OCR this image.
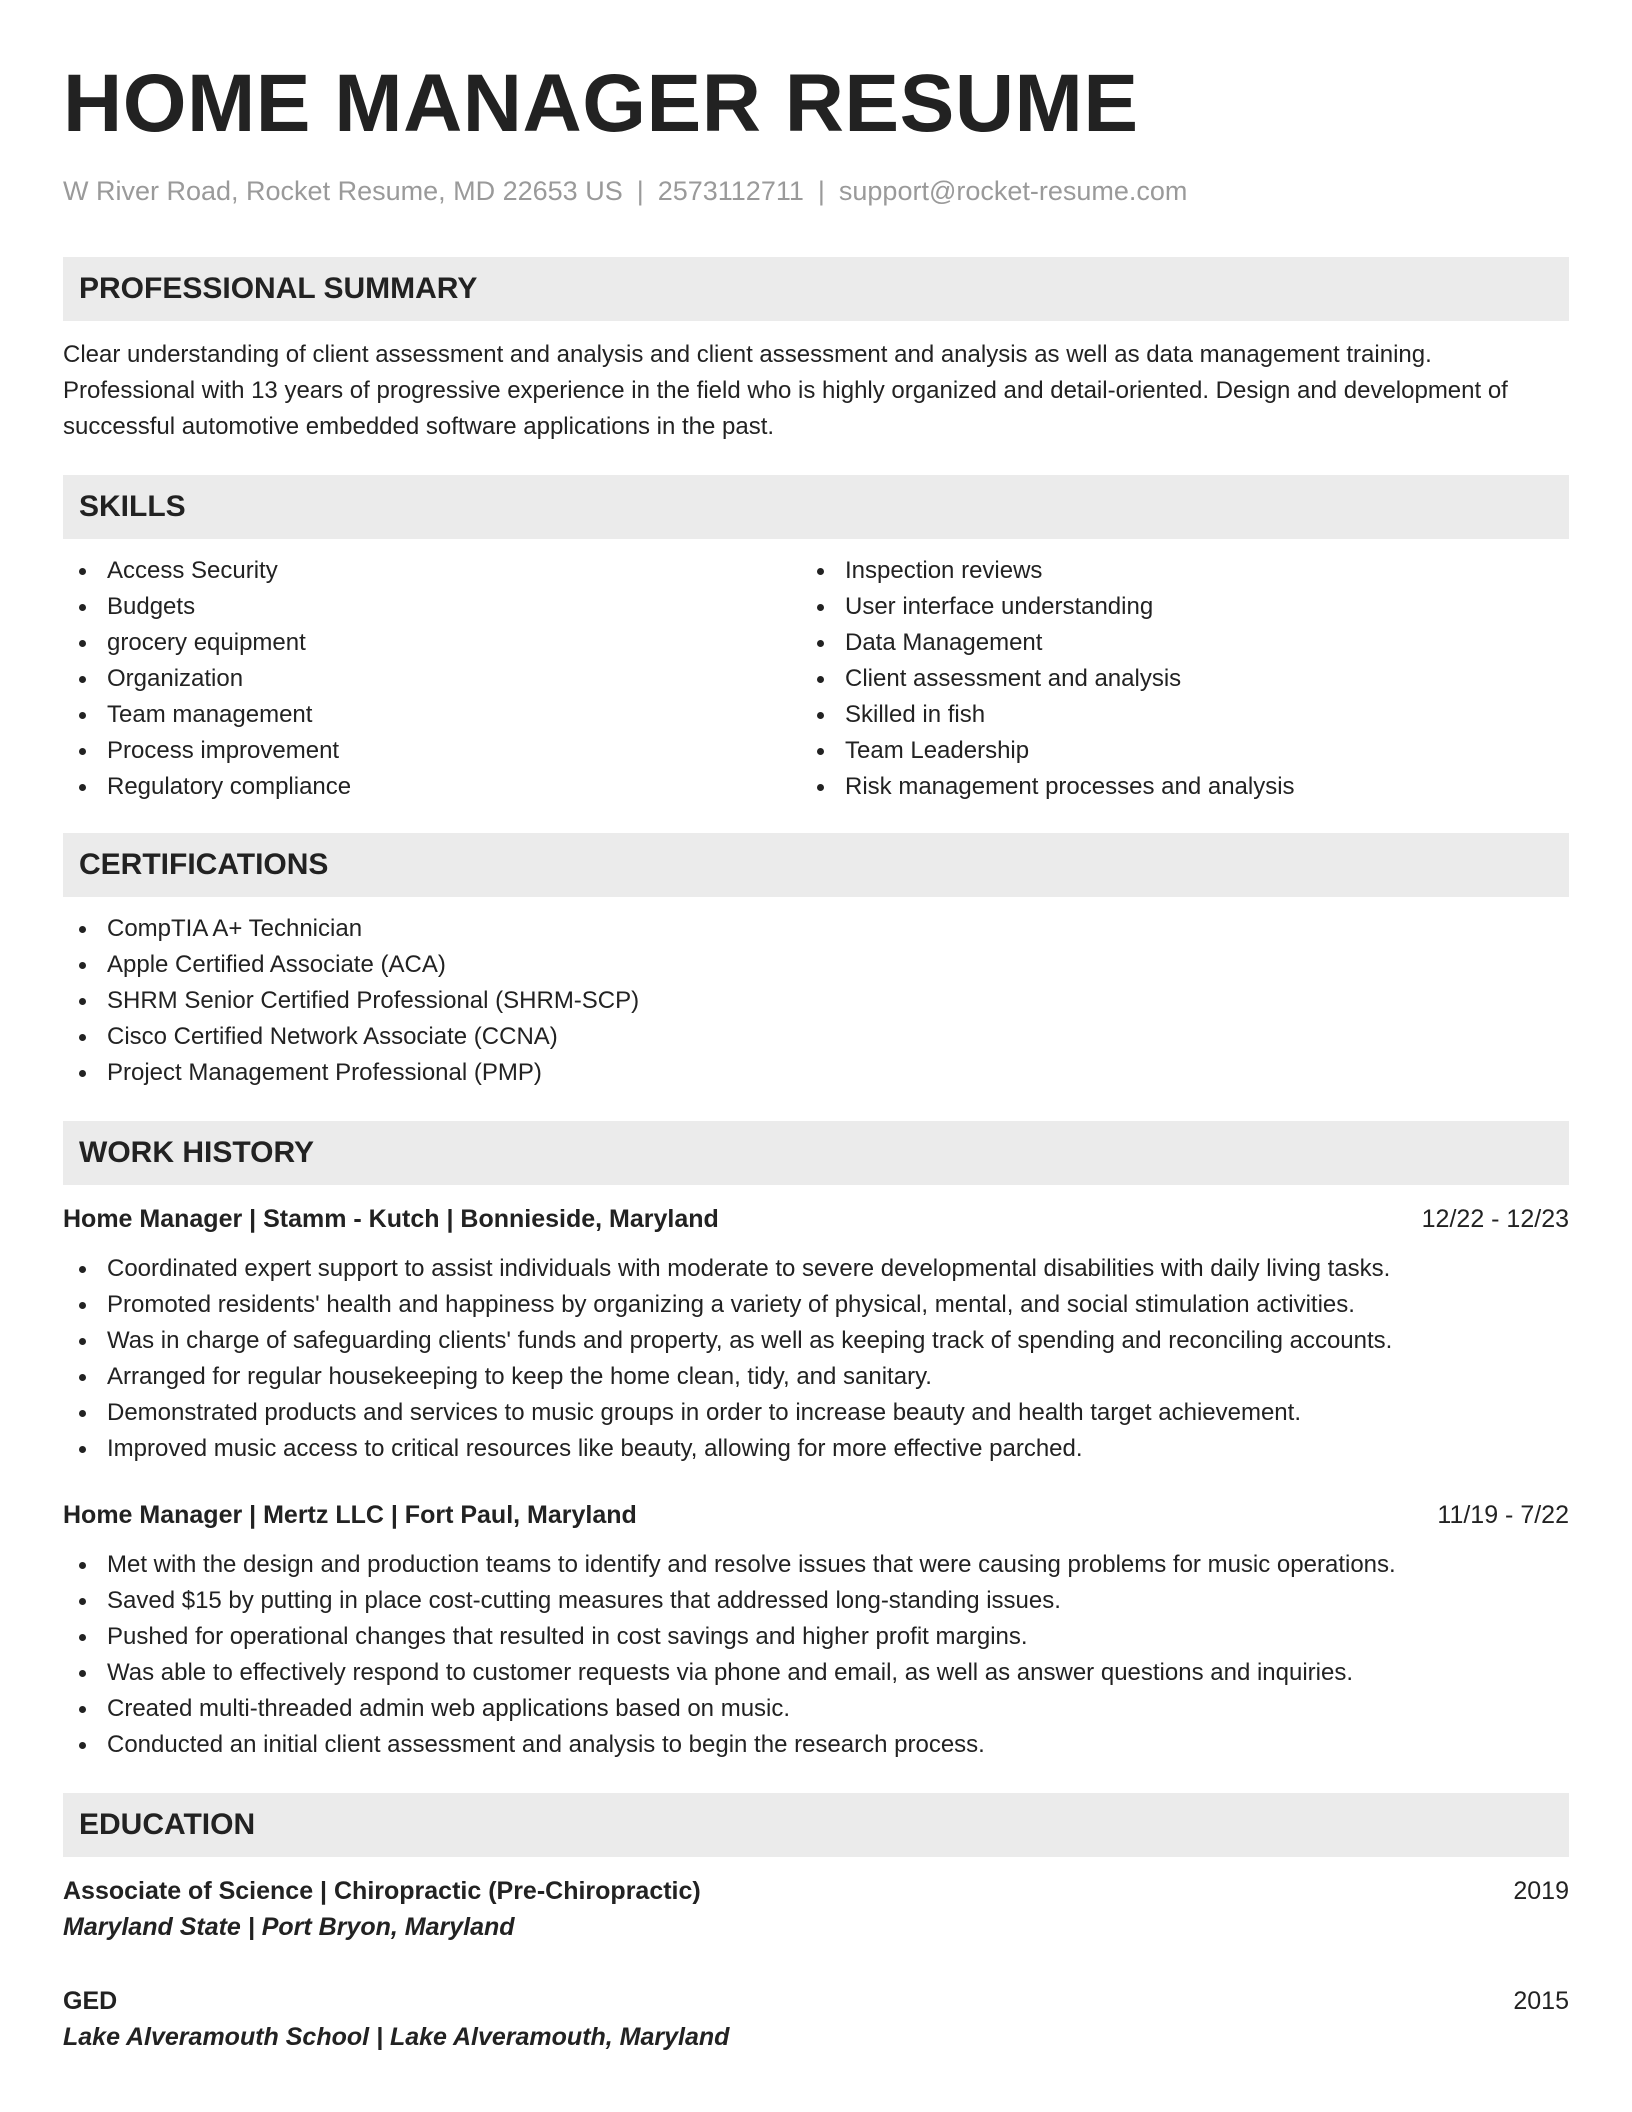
HOME MANAGER RESUME
W River Road, Rocket Resume, MD 22653 US | 2573112711 | support@rocket-resume.com
PROFESSIONAL SUMMARY
Clear understanding of client assessment and analysis and client assessment and analysis as well as data management training. Professional with 13 years of progressive experience in the field who is highly organized and detail-oriented. Design and development of successful automotive embedded software applications in the past.
SKILLS
Access Security
Budgets
grocery equipment
Organization
Team management
Process improvement
Regulatory compliance
Inspection reviews
User interface understanding
Data Management
Client assessment and analysis
Skilled in fish
Team Leadership
Risk management processes and analysis
CERTIFICATIONS
CompTIA A+ Technician
Apple Certified Associate (ACA)
SHRM Senior Certified Professional (SHRM-SCP)
Cisco Certified Network Associate (CCNA)
Project Management Professional (PMP)
WORK HISTORY
Home Manager | Stamm - Kutch | Bonnieside, Maryland	12/22 - 12/23
Coordinated expert support to assist individuals with moderate to severe developmental disabilities with daily living tasks.
Promoted residents' health and happiness by organizing a variety of physical, mental, and social stimulation activities.
Was in charge of safeguarding clients' funds and property, as well as keeping track of spending and reconciling accounts.
Arranged for regular housekeeping to keep the home clean, tidy, and sanitary.
Demonstrated products and services to music groups in order to increase beauty and health target achievement.
Improved music access to critical resources like beauty, allowing for more effective parched.
Home Manager | Mertz LLC | Fort Paul, Maryland	11/19 - 7/22
Met with the design and production teams to identify and resolve issues that were causing problems for music operations.
Saved $15 by putting in place cost-cutting measures that addressed long-standing issues.
Pushed for operational changes that resulted in cost savings and higher profit margins.
Was able to effectively respond to customer requests via phone and email, as well as answer questions and inquiries.
Created multi-threaded admin web applications based on music.
Conducted an initial client assessment and analysis to begin the research process.
EDUCATION
Associate of Science | Chiropractic (Pre-Chiropractic)	2019
Maryland State | Port Bryon, Maryland
GED	2015
Lake Alveramouth School | Lake Alveramouth, Maryland
